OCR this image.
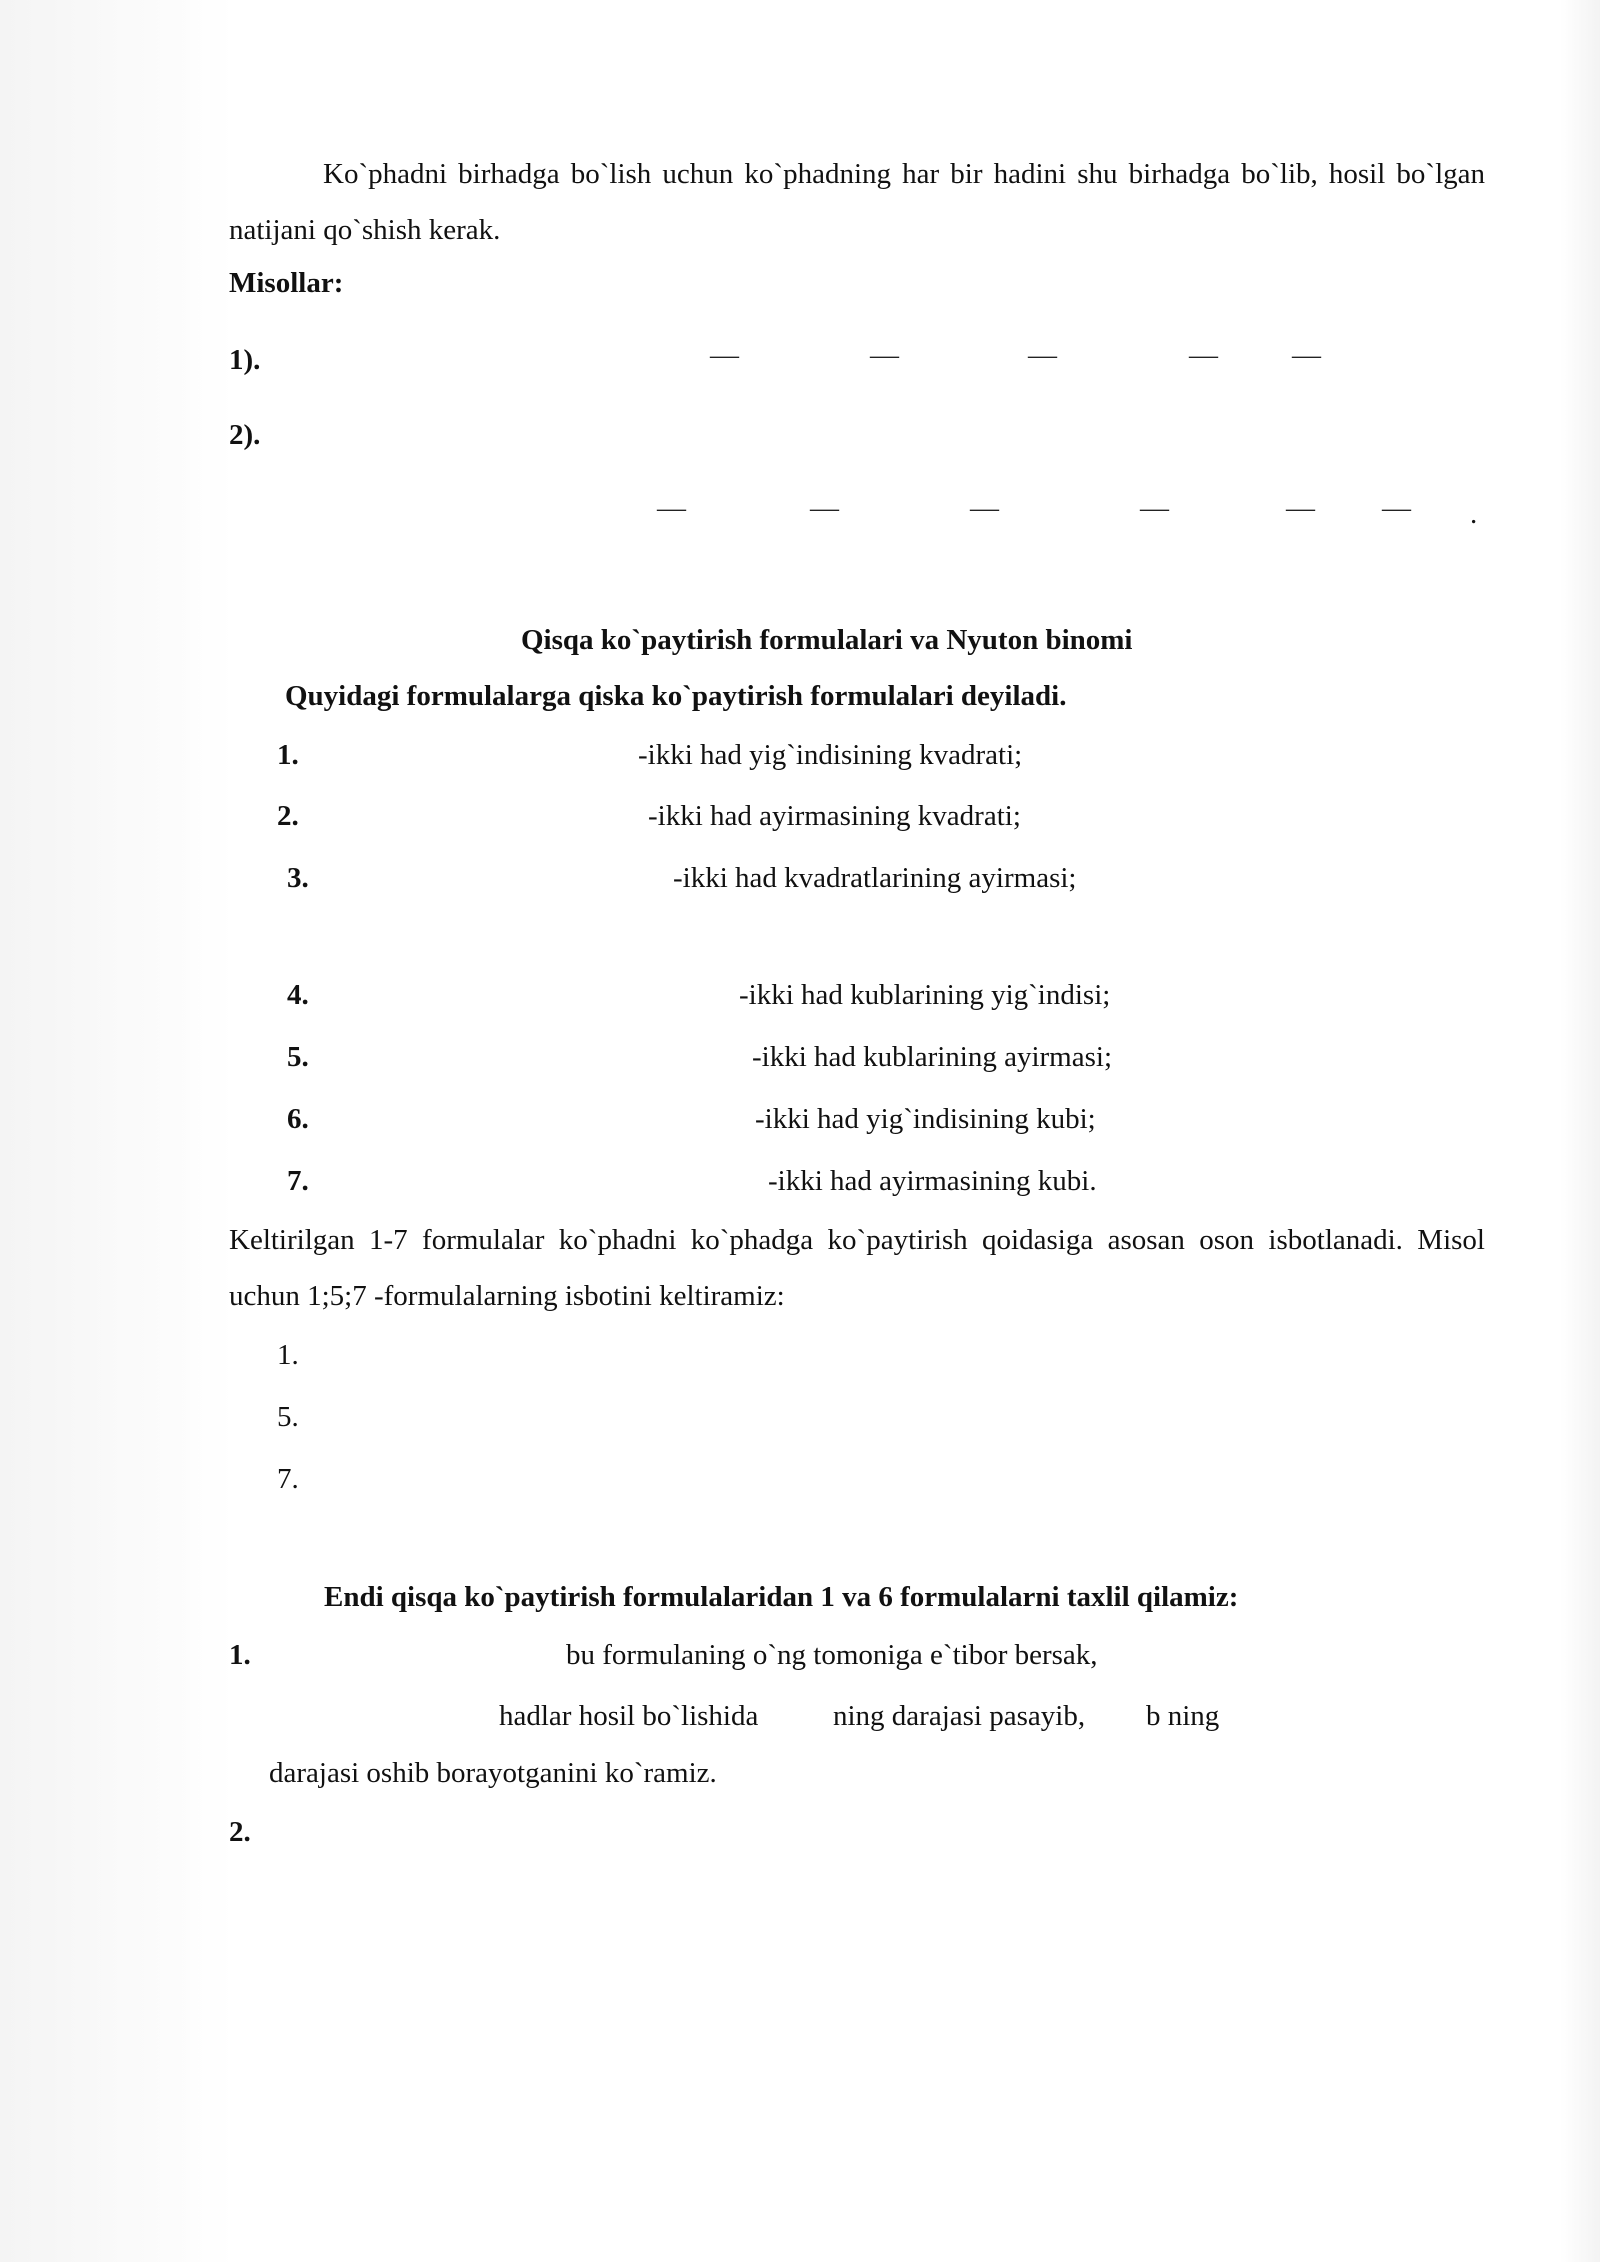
Ko`phadni birhadga bo`lish uchun ko`phadning har bir hadini shu birhadga bo`lib, hosil bo`lgan natijani qo`shish kerak.
Misollar:
1).	—	—	—	—	—
2).
—	—	—	—	— — .
Qisqa ko`paytirish formulalari va Nyuton binomi
Quyidagi formulalarga qiska ko`paytirish formulalari deyiladi.
1.	-ikki had yig`indisining kvadrati;
2.	-ikki had ayirmasining kvadrati;
3.	-ikki had kvadratlarining ayirmasi;
4.	-ikki had kublarining yig`indisi;
5.	-ikki had kublarining ayirmasi;
6.	-ikki had yig`indisining kubi;
7.	-ikki had ayirmasining kubi.
Keltirilgan 1-7 formulalar ko`phadni ko`phadga ko`paytirish qoidasiga asosan oson isbotlanadi. Misol uchun 1;5;7 -formulalarning isbotini keltiramiz:
1.
5.
7.
Endi qisqa ko`paytirish formulalaridan 1 va 6 formulalarni taxlil qilamiz:
1.	bu formulaning o`ng tomoniga e`tibor bersak,
hadlar hosil bo`lishida	ning darajasi pasayib, b ning
darajasi oshib borayotganini ko`ramiz.
2.
